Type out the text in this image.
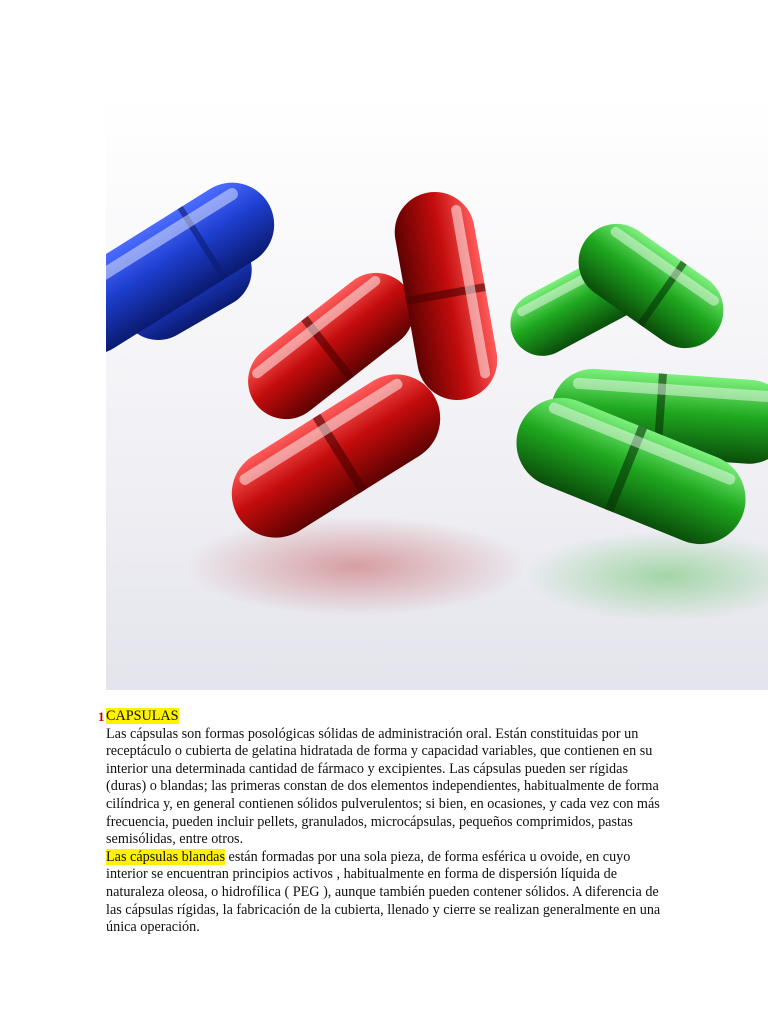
1 CAPSULAS

Las cápsulas son formas posológicas sólidas de administración oral. Están constituidas por un receptáculo o cubierta de gelatina hidratada de forma y capacidad variables, que contienen en su interior una determinada cantidad de fármaco y excipientes. Las cápsulas pueden ser rígidas (duras) o blandas; las primeras constan de dos elementos independientes, habitualmente de forma cilíndrica y, en general contienen sólidos pulverulentos; si bien, en ocasiones, y cada vez con más frecuencia, pueden incluir pellets, granulados, microcápsulas, pequeños comprimidos, pastas semisólidas, entre otros.

Las cápsulas blandas están formadas por una sola pieza, de forma esférica u ovoide, en cuyo interior se encuentran principios activos , habitualmente en forma de dispersión líquida de naturaleza oleosa, o hidrofílica ( PEG ), aunque también pueden contener sólidos. A diferencia de las cápsulas rígidas, la fabricación de la cubierta, llenado y cierre se realizan generalmente en una única operación.
